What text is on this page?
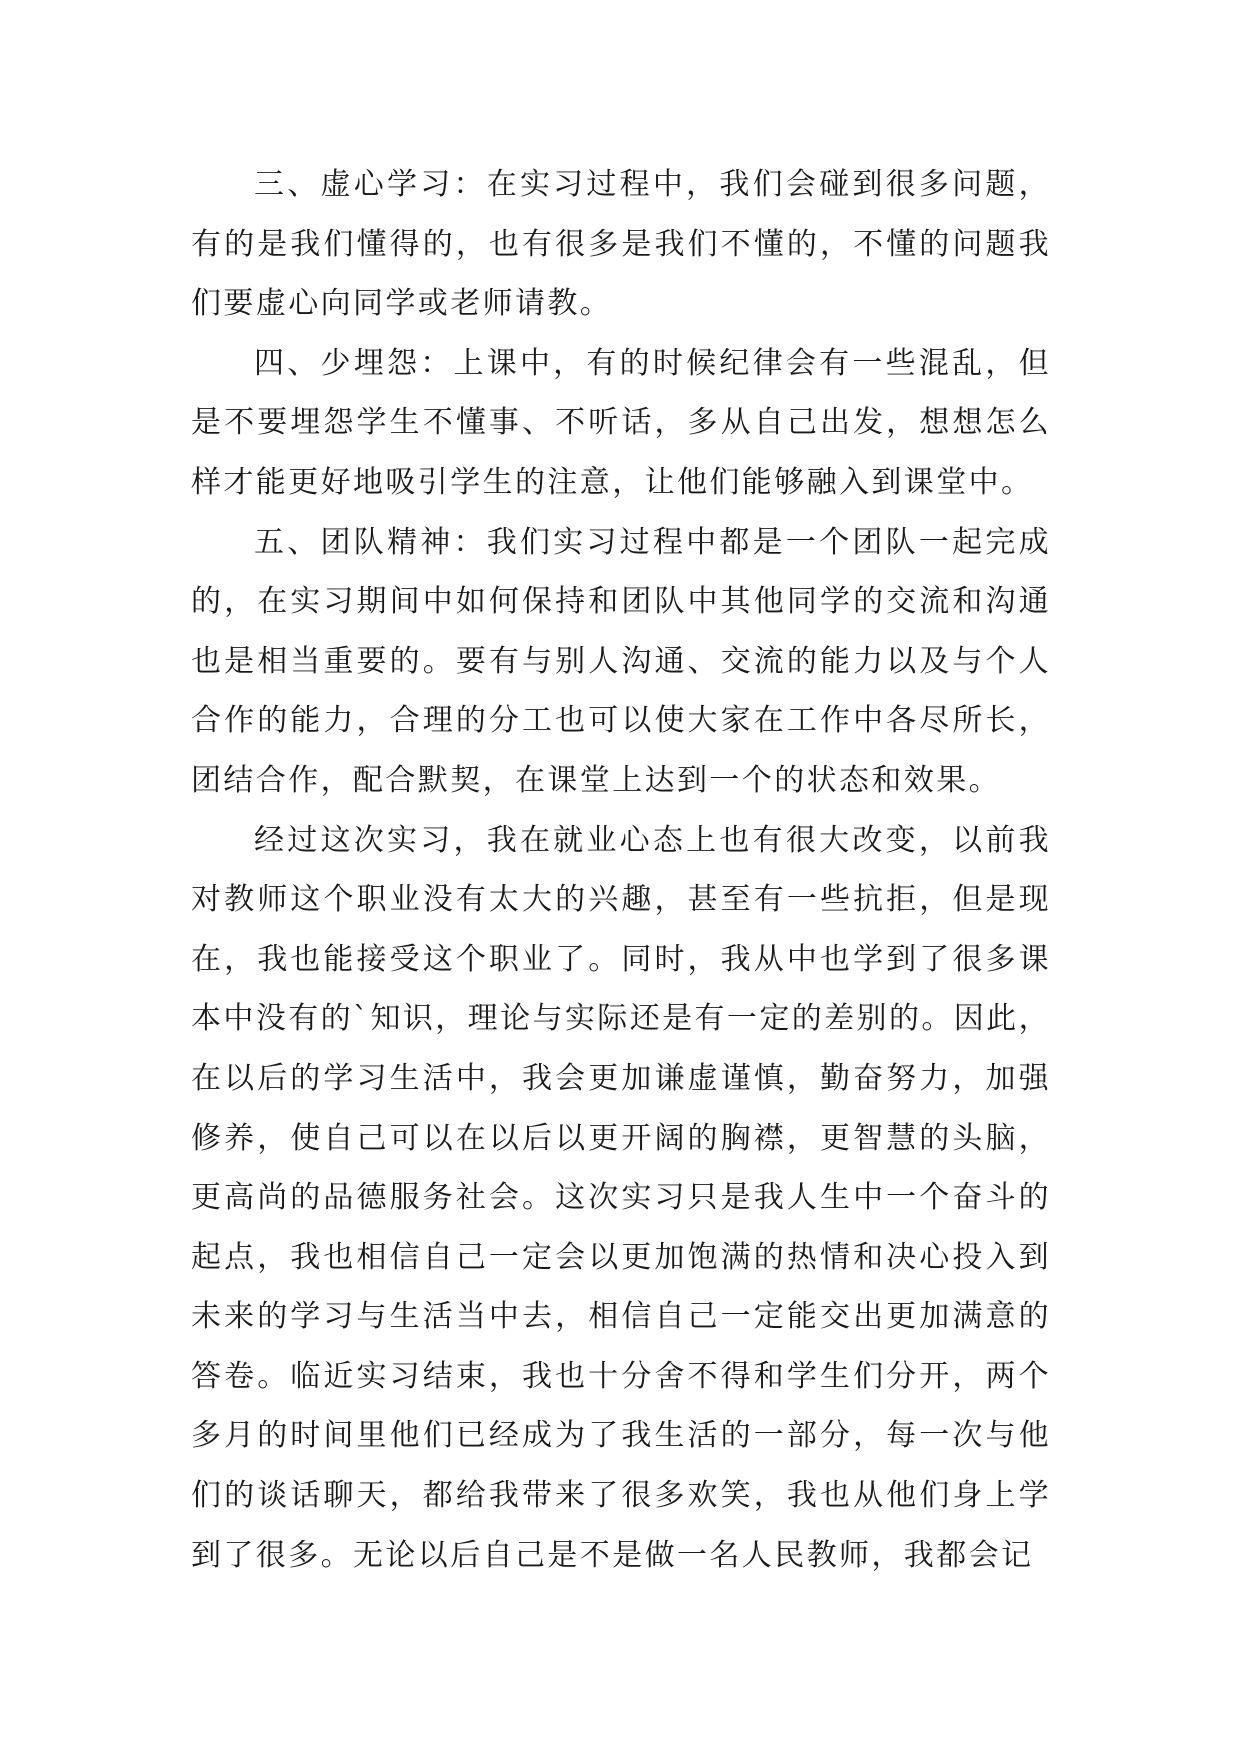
三、虚心学习：在实习过程中，我们会碰到很多问题，有的是我们懂得的，也有很多是我们不懂的，不懂的问题我们要虚心向同学或老师请教。

四、少埋怨：上课中，有的时候纪律会有一些混乱，但是不要埋怨学生不懂事、不听话，多从自己出发，想想怎么样才能更好地吸引学生的注意，让他们能够融入到课堂中。

五、团队精神：我们实习过程中都是一个团队一起完成的，在实习期间中如何保持和团队中其他同学的交流和沟通也是相当重要的。要有与别人沟通、交流的能力以及与个人合作的能力，合理的分工也可以使大家在工作中各尽所长，团结合作，配合默契，在课堂上达到一个的状态和效果。

经过这次实习，我在就业心态上也有很大改变，以前我对教师这个职业没有太大的兴趣，甚至有一些抗拒，但是现在，我也能接受这个职业了。同时，我从中也学到了很多课本中没有的`知识，理论与实际还是有一定的差别的。因此，在以后的学习生活中，我会更加谦虚谨慎，勤奋努力，加强修养，使自己可以在以后以更开阔的胸襟，更智慧的头脑，更高尚的品德服务社会。这次实习只是我人生中一个奋斗的起点，我也相信自己一定会以更加饱满的热情和决心投入到未来的学习与生活当中去，相信自己一定能交出更加满意的答卷。临近实习结束，我也十分舍不得和学生们分开，两个多月的时间里他们已经成为了我生活的一部分，每一次与他们的谈话聊天，都给我带来了很多欢笑，我也从他们身上学到了很多。无论以后自己是不是做一名人民教师，我都会记
